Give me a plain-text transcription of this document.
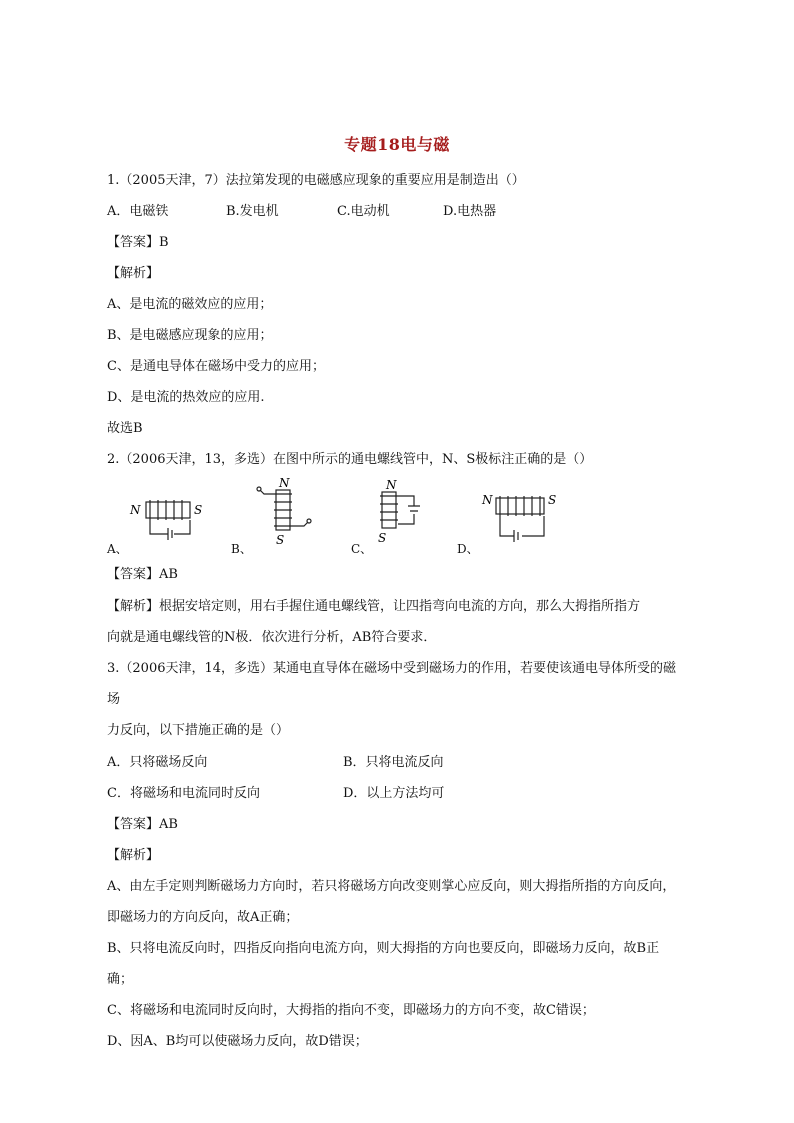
专题18电与磁
1.（2005天津，7）法拉第发现的电磁感应现象的重要应用是制造出（）
A．电磁铁	B.发电机	C.电动机	D.电热器
【答案】B
【解析】
A、是电流的磁效应的应用；
B、是电磁感应现象的应用；
C、是通电导体在磁场中受力的应用；
D、是电流的热效应的应用.
故选B
2.（2006天津，13，多选）在图中所示的通电螺线管中，N、S极标注正确的是（）
N	S
A、
N
S
B、
N
S
C、
N	S
D、
【答案】AB
【解析】根据安培定则，用右手握住通电螺线管，让四指弯向电流的方向，那么大拇指所指方
向就是通电螺线管的N极．依次进行分析，AB符合要求．
3.（2006天津，14，多选）某通电直导体在磁场中受到磁场力的作用，若要使该通电导体所受的磁
场
力反向，以下措施正确的是（）
A．只将磁场反向	B．只将电流反向
C．将磁场和电流同时反向	D．以上方法均可
【答案】AB
【解析】
A、由左手定则判断磁场力方向时，若只将磁场方向改变则掌心应反向，则大拇指所指的方向反向，
即磁场力的方向反向，故A正确；
B、只将电流反向时，四指反向指向电流方向，则大拇指的方向也要反向，即磁场力反向，故B正
确；
C、将磁场和电流同时反向时，大拇指的指向不变，即磁场力的方向不变，故C错误；
D、因A、B均可以使磁场力反向，故D错误；
